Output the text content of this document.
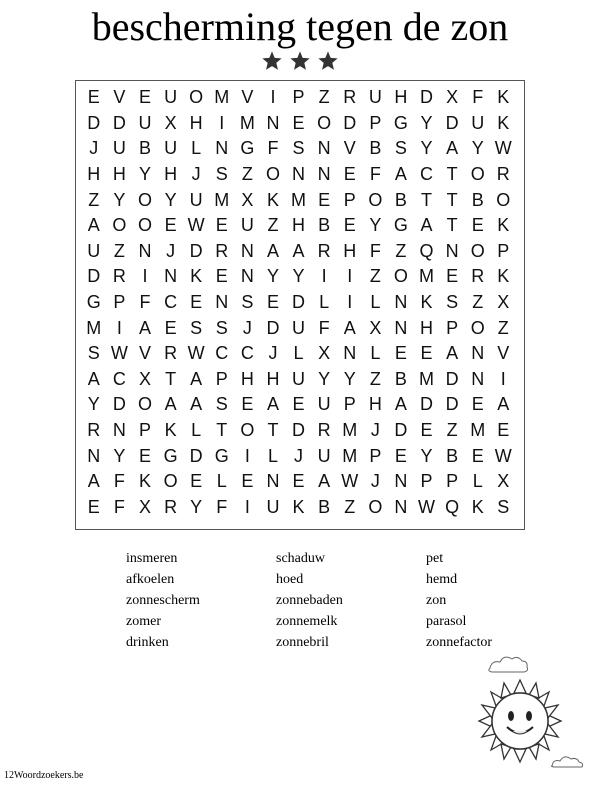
bescherming tegen de zon
E V E U O M V I P Z R U H D X F K
D D U X H I M N E O D P G Y D U K
J U B U L N G F S N V B S Y A Y W
H H Y H J S Z O N N E F A C T O R
Z Y O Y U M X K M E P O B T T B O
A O O E W E U Z H B E Y G A T E K
U Z N J D R N A A R H F Z Q N O P
D R I N K E N Y Y I	I Z O M E R K
G P F C E N S E D L	I	L N K S Z X
M I A E S S J D U F A X N H P O Z
S W V R W C C J L X N L E E A N V
A C X T A P H H U Y Y Z B M D N I
Y D O A A S E A E U P H A D D E A
R N P K L T O T D R M J D E Z M E
N Y E G D G I	L J U M P E Y B E W
A F K O E L E N E A W J N P P L X
E F X R Y F I U K B Z O N W Q K S
insmeren	schaduw	pet
afkoelen	hoed	hemd
zonnescherm	zonnebaden	zon
zomer	zonnemelk	parasol
drinken	zonnebril	zonnefactor
12Woordzoekers.be
